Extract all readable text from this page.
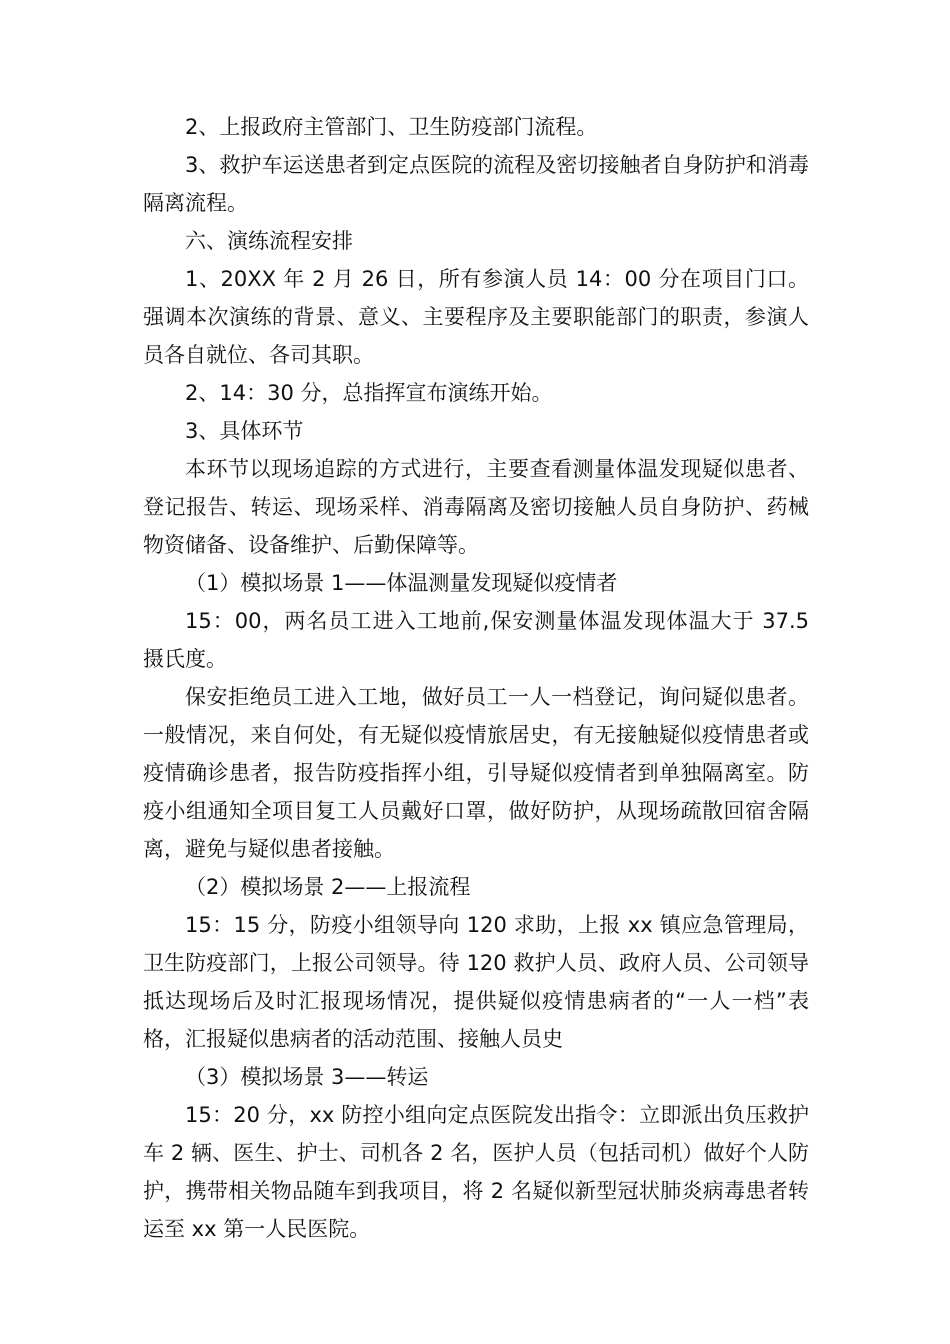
2、上报政府主管部门、卫生防疫部门流程。

3、救护车运送患者到定点医院的流程及密切接触者自身防护和消毒隔离流程。

六、演练流程安排

1、20XX 年 2 月 26 日，所有参演人员 14：00 分在项目门口。强调本次演练的背景、意义、主要程序及主要职能部门的职责，参演人员各自就位、各司其职。

2、14：30 分，总指挥宣布演练开始。

3、具体环节

本环节以现场追踪的方式进行，主要查看测量体温发现疑似患者、登记报告、转运、现场采样、消毒隔离及密切接触人员自身防护、药械物资储备、设备维护、后勤保障等。

（1）模拟场景 1——体温测量发现疑似疫情者

15：00，两名员工进入工地前,保安测量体温发现体温大于 37.5 摄氏度。

保安拒绝员工进入工地，做好员工一人一档登记，询问疑似患者。一般情况，来自何处，有无疑似疫情旅居史，有无接触疑似疫情患者或疫情确诊患者，报告防疫指挥小组，引导疑似疫情者到单独隔离室。防疫小组通知全项目复工人员戴好口罩，做好防护，从现场疏散回宿舍隔离，避免与疑似患者接触。

（2）模拟场景 2——上报流程

15：15 分，防疫小组领导向 120 求助，上报 xx 镇应急管理局，卫生防疫部门，上报公司领导。待 120 救护人员、政府人员、公司领导抵达现场后及时汇报现场情况，提供疑似疫情患病者的“一人一档”表格，汇报疑似患病者的活动范围、接触人员史

（3）模拟场景 3——转运

15：20 分，xx 防控小组向定点医院发出指令：立即派出负压救护车 2 辆、医生、护士、司机各 2 名，医护人员（包括司机）做好个人防护，携带相关物品随车到我项目，将 2 名疑似新型冠状肺炎病毒患者转运至 xx 第一人民医院。
